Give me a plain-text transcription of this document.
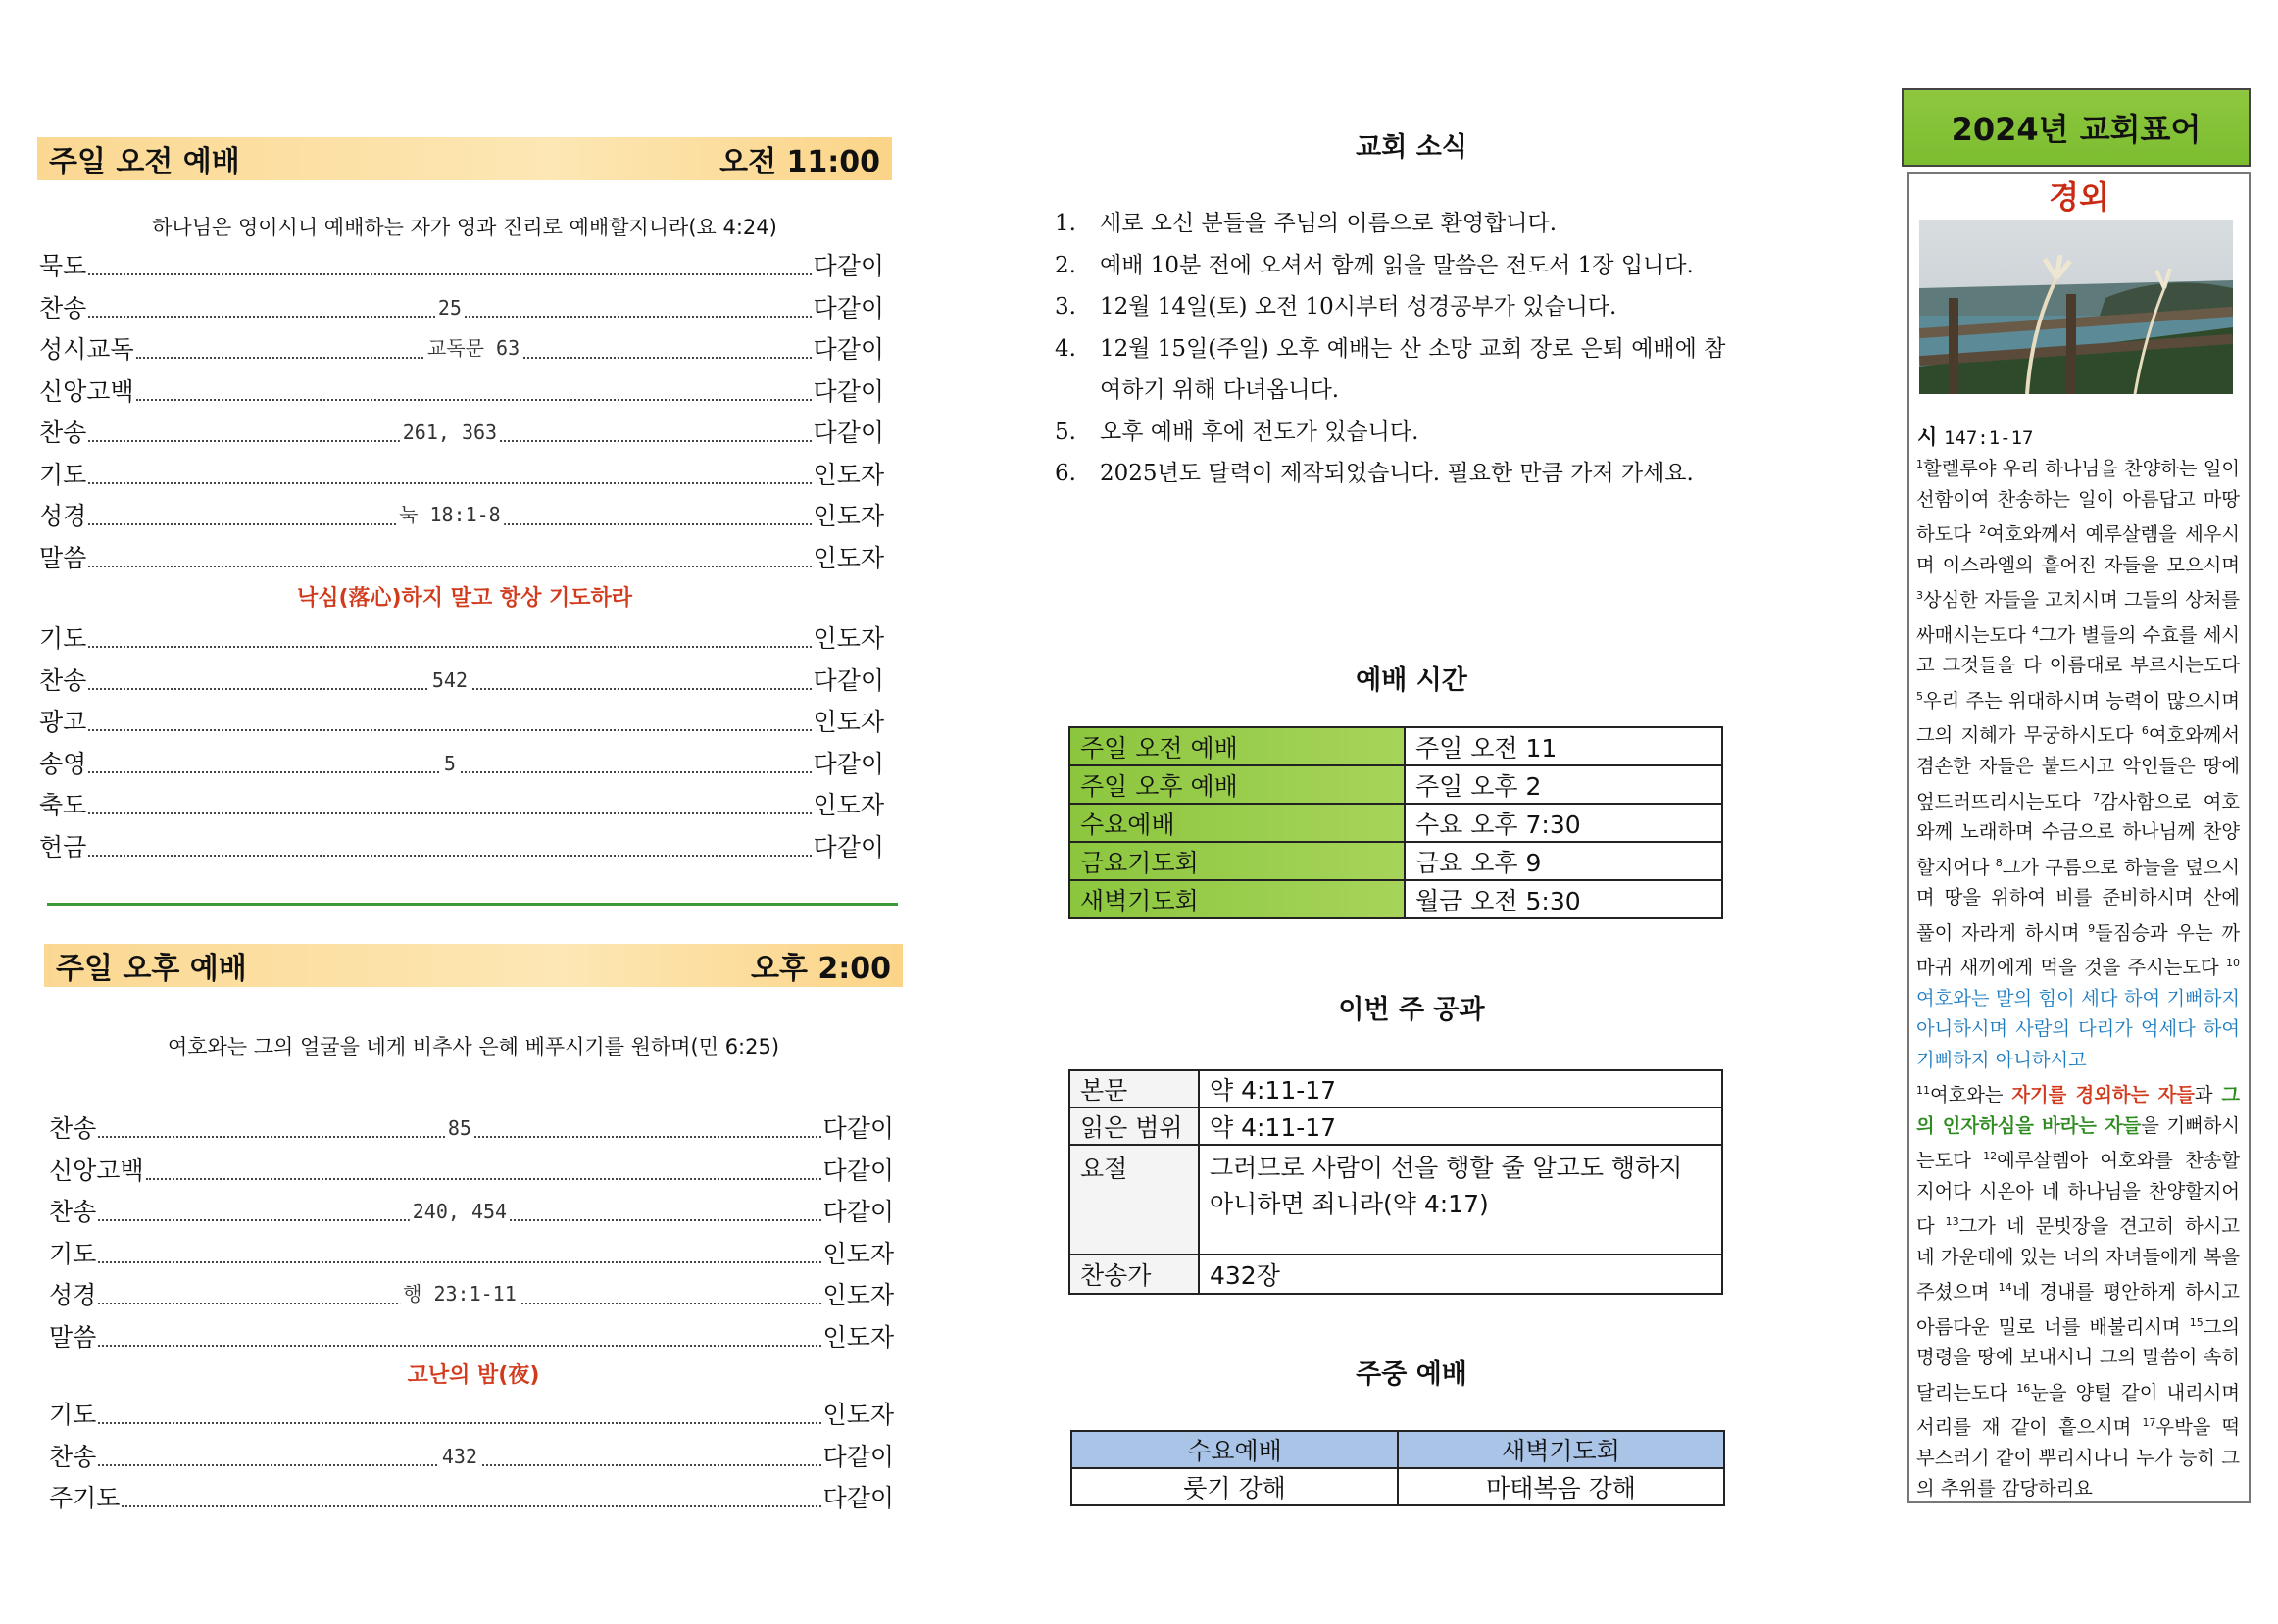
주일 오전 예배	오전 11:00
하나님은 영이시니 예배하는 자가 영과 진리로 예배할지니라(요 4:24)
묵도	다같이
찬송	25	다같이
성시교독	교독문 63	다같이
신앙고백	다같이
찬송	261, 363	다같이
기도	인도자
성경	눅 18:1-8	인도자
말씀	인도자
낙심(落心)하지 말고 항상 기도하라
기도	인도자
찬송	542	다같이
광고	인도자
송영	5	다같이
축도	인도자
헌금	다같이
주일 오후 예배	오후 2:00
여호와는 그의 얼굴을 네게 비추사 은혜 베푸시기를 원하며(민 6:25)
찬송	85	다같이
신앙고백	다같이
찬송	240, 454	다같이
기도	인도자
성경	행 23:1-11	인도자
말씀	인도자
고난의 밤(夜)
기도	인도자
찬송	432	다같이
주기도	다같이
교회 소식
1.	새로 오신 분들을 주님의 이름으로 환영합니다.
2.	예배 10분 전에 오셔서 함께 읽을 말씀은 전도서 1장 입니다.
3.	12월 14일(토) 오전 10시부터 성경공부가 있습니다.
4.	12월 15일(주일) 오후 예배는 산 소망 교회 장로 은퇴 예배에 참여하기 위해 다녀옵니다.
5.	오후 예배 후에 전도가 있습니다.
6.	2025년도 달력이 제작되었습니다. 필요한 만큼 가져 가세요.
예배 시간
주일 오전 예배	주일 오전 11
주일 오후 예배	주일 오후 2
수요예배	수요 오후 7:30
금요기도회	금요 오후 9
새벽기도회	월금 오전 5:30
이번 주 공과
본문	약 4:11-17
읽은 범위	약 4:11-17
요절	그러므로 사람이 선을 행할 줄 알고도 행하지 아니하면 죄니라(약 4:17)
찬송가	432장
주중 예배
수요예배	새벽기도회
룻기 강해	마태복음 강해
2024년 교회표어
경외
시 147:1-17
$^1$할렐루야 우리 하나님을 찬양하는 일이 선함이여 찬송하는 일이 아름답고 마땅하도다 $^2$여호와께서 예루살렘을 세우시며 이스라엘의 흩어진 자들을 모으시며 $^3$상심한 자들을 고치시며 그들의 상처를 싸매시는도다 $^4$그가 별들의 수효를 세시고 그것들을 다 이름대로 부르시는도다 $^5$우리 주는 위대하시며 능력이 많으시며 그의 지혜가 무궁하시도다 $^6$여호와께서 겸손한 자들은 붙드시고 악인들은 땅에 엎드러뜨리시는도다 $^7$감사함으로 여호와께 노래하며 수금으로 하나님께 찬양할지어다 $^8$그가 구름으로 하늘을 덮으시며 땅을 위하여 비를 준비하시며 산에 풀이 자라게 하시며 $^9$들짐승과 우는 까마귀 새끼에게 먹을 것을 주시는도다 $^{10}$여호와는 말의 힘이 세다 하여 기뻐하지 아니하시며 사람의 다리가 억세다 하여 기뻐하지 아니하시고
$^{11}$여호와는 자기를 경외하는 자들과 그의 인자하심을 바라는 자들을 기뻐하시는도다 $^{12}$예루살렘아 여호와를 찬송할지어다 시온아 네 하나님을 찬양할지어다 $^{13}$그가 네 문빗장을 견고히 하시고 네 가운데에 있는 너의 자녀들에게 복을 주셨으며 $^{14}$네 경내를 평안하게 하시고 아름다운 밀로 너를 배불리시며 $^{15}$그의 명령을 땅에 보내시니 그의 말씀이 속히 달리는도다 $^{16}$눈을 양털 같이 내리시며 서리를 재 같이 흩으시며 $^{17}$우박을 떡 부스러기 같이 뿌리시나니 누가 능히 그의 추위를 감당하리요
